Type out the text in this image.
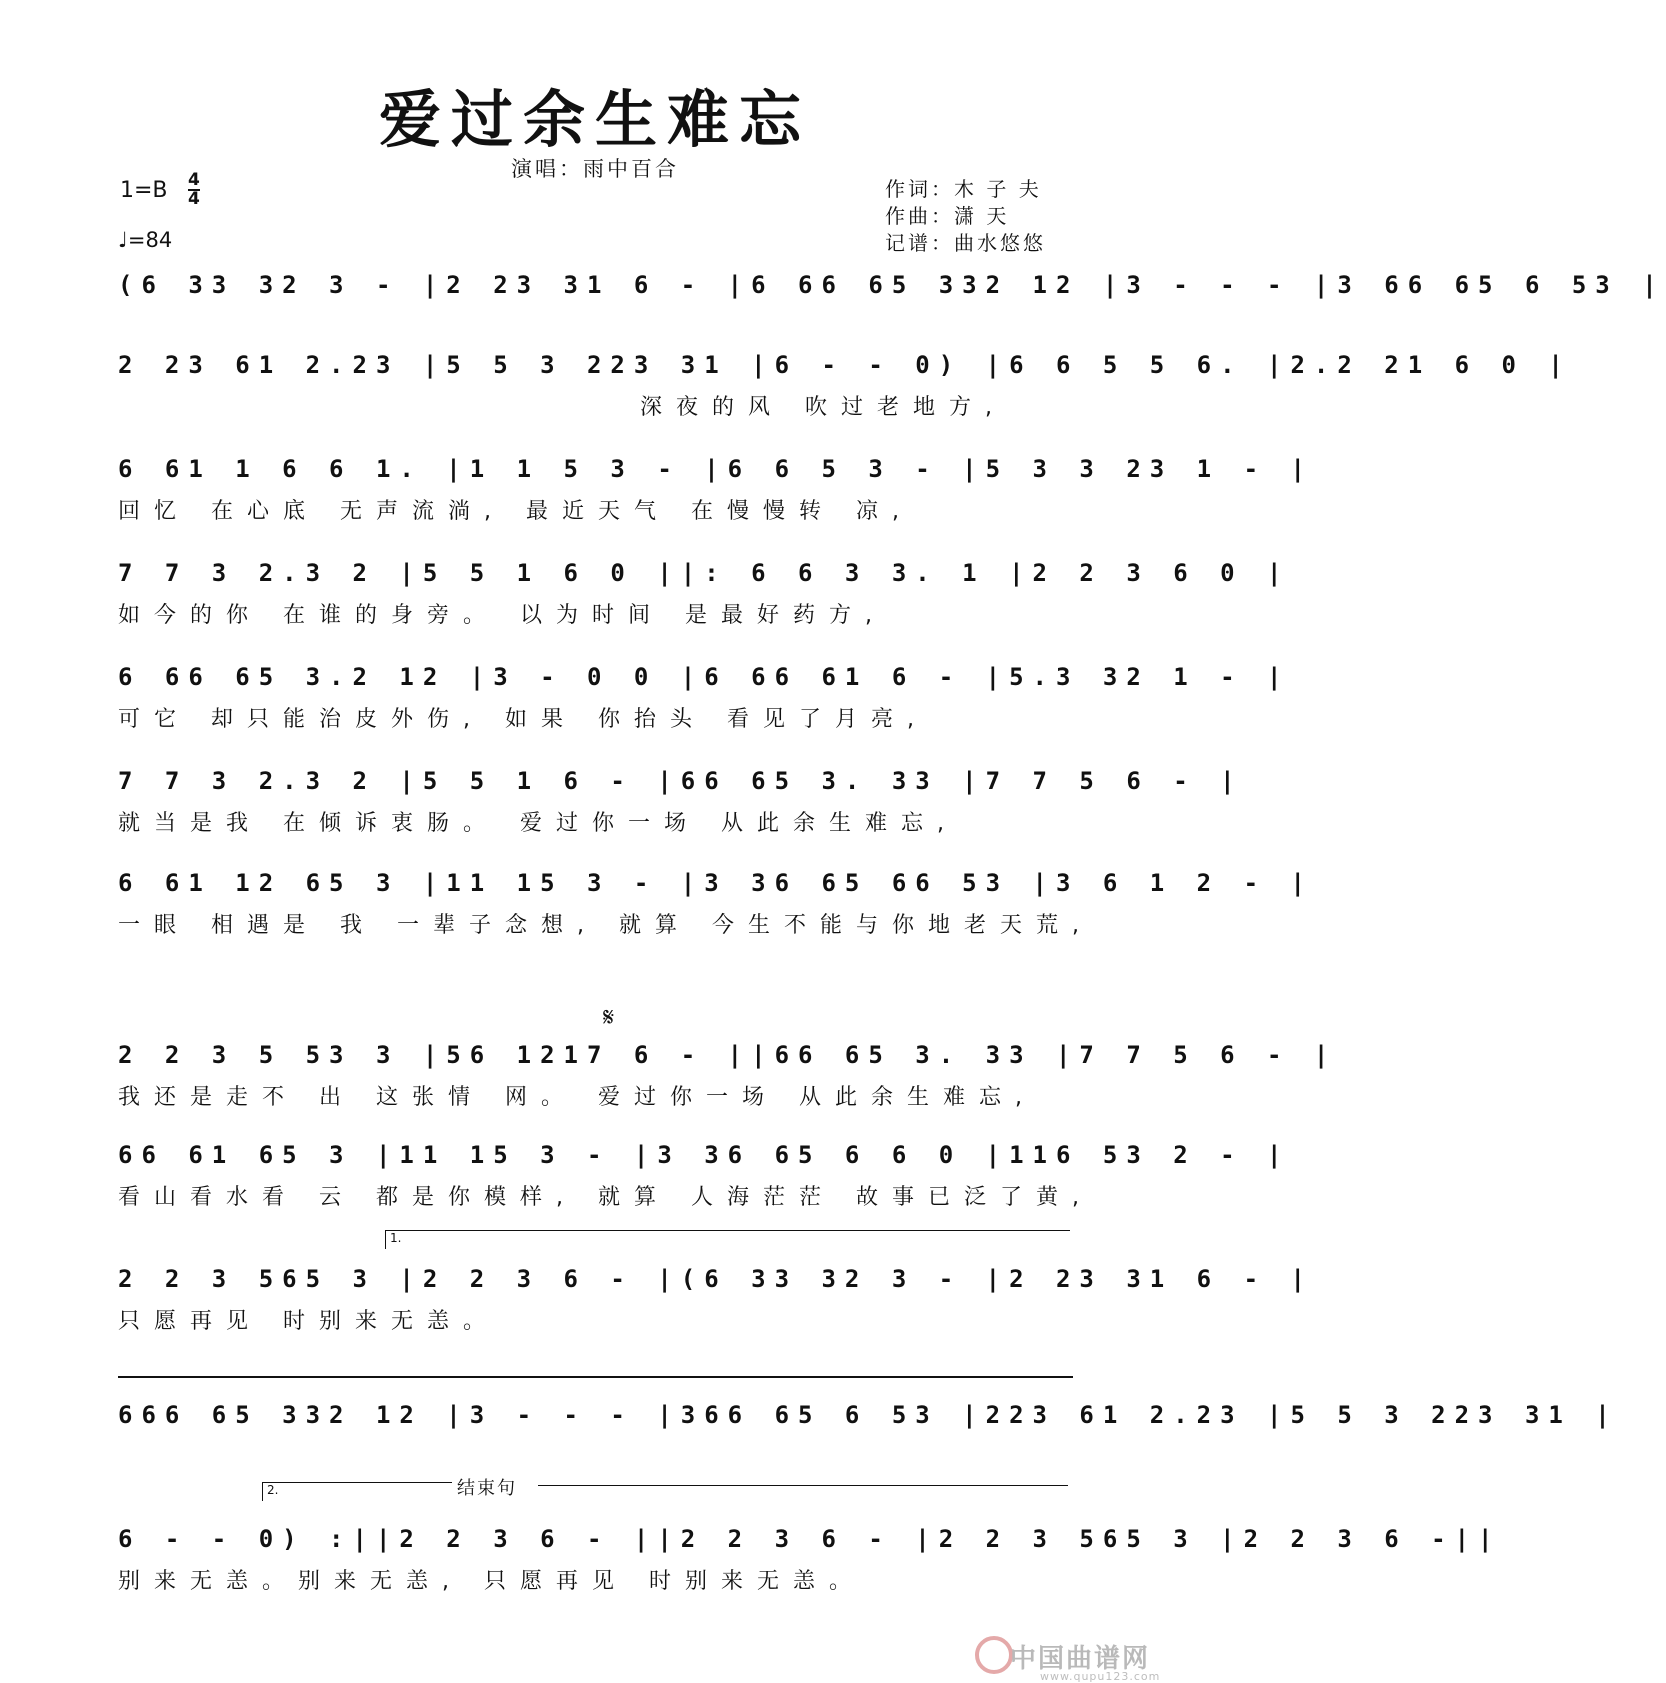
爱过余生难忘
演唱：雨中百合
1=B 4
4
♩=84
作词：木 子 夫
作曲：潇 天
记谱：曲水悠悠
(6 33 32 3 - |2 23 31 6 - |6 66 65 332 12 |3 - - - |3 66 65 6 53 |
2 23 61 2.23 |5 5 3 223 31 |6 - - 0) |6 6 5 5 6. |2.2 21 6 0 |
深夜的风 吹过老地方,
6 61 1 6 6 1. |1 1 5 3 - |6 6 5 3 - |5 3 3 23 1 - |
回忆 在心底 无声流淌, 最近天气 在慢慢转 凉,
7 7 3 2.3 2 |5 5 1 6 0 ||: 6 6 3 3. 1 |2 2 3 6 0 |
如今的你 在谁的身旁。 以为时间 是最好药方,
6 66 65 3.2 12 |3 - 0 0 |6 66 61 6 - |5.3 32 1 - |
可它 却只能治皮外伤, 如果 你抬头 看见了月亮,
7 7 3 2.3 2 |5 5 1 6 - |66 65 3. 33 |7 7 5 6 - |
就当是我 在倾诉衷肠。 爱过你一场 从此余生难忘,
6 61 12 65 3 |11 15 3 - |3 36 65 66 53 |3 6 1 2 - |
一眼 相遇是 我 一辈子念想, 就算 今生不能与你地老天荒,
𝄋
2 2 3 5 53 3 |56 1217 6 - ||66 65 3. 33 |7 7 5 6 - |
我还是走不 出 这张情 网。 爱过你一场 从此余生难忘,
66 61 65 3 |11 15 3 - |3 36 65 6 6 0 |116 53 2 - |
看山看水看 云 都是你模样, 就算 人海茫茫 故事已泛了黄,
1.
2 2 3 565 3 |2 2 3 6 - |(6 33 32 3 - |2 23 31 6 - |
只愿再见 时别来无恙。
666 65 332 12 |3 - - - |366 65 6 53 |223 61 2.23 |5 5 3 223 31 |
2.	结束句
6 - - 0) :||2 2 3 6 - ||2 2 3 6 - |2 2 3 565 3 |2 2 3 6 -||
别来无恙。别来无恙, 只愿再见 时别来无恙。
中国曲谱网
www.qupu123.com
